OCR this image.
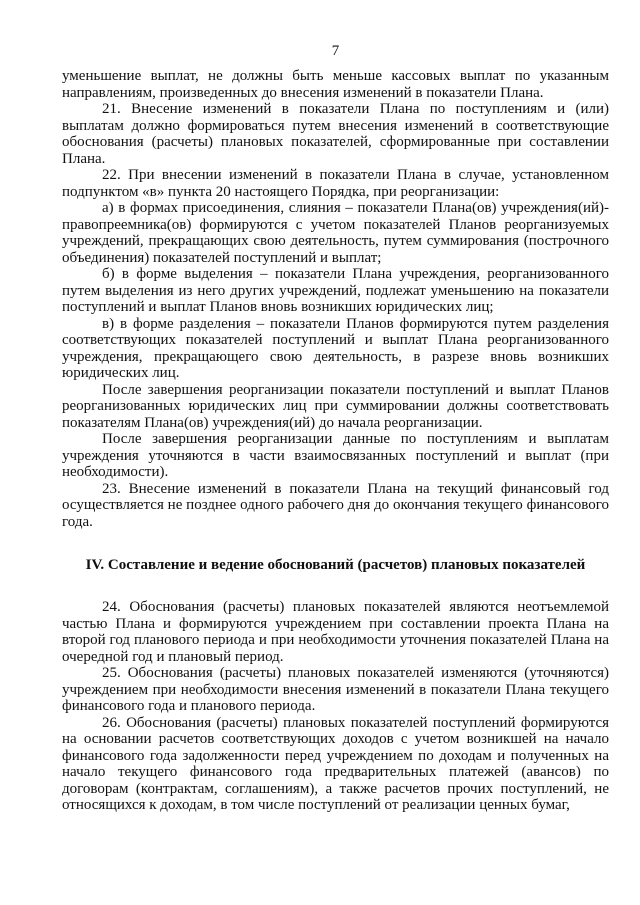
7

уменьшение выплат, не должны быть меньше кассовых выплат по указанным направлениям, произведенных до внесения изменений в показатели Плана.

21. Внесение изменений в показатели Плана по поступлениям и (или) выплатам должно формироваться путем внесения изменений в соответствующие обоснования (расчеты) плановых показателей, сформированные при составлении Плана.

22. При внесении изменений в показатели Плана в случае, установленном подпунктом «в» пункта 20 настоящего Порядка, при реорганизации:

а) в формах присоединения, слияния – показатели Плана(ов) учреждения(ий)-правопреемника(ов) формируются с учетом показателей Планов реорганизуемых учреждений, прекращающих свою деятельность, путем суммирования (построчного объединения) показателей поступлений и выплат;

б) в форме выделения – показатели Плана учреждения, реорганизованного путем выделения из него других учреждений, подлежат уменьшению на показатели поступлений и выплат Планов вновь возникших юридических лиц;

в) в форме разделения – показатели Планов формируются путем разделения соответствующих показателей поступлений и выплат Плана реорганизованного учреждения, прекращающего свою деятельность, в разрезе вновь возникших юридических лиц.

После завершения реорганизации показатели поступлений и выплат Планов реорганизованных юридических лиц при суммировании должны соответствовать показателям Плана(ов) учреждения(ий) до начала реорганизации.

После завершения реорганизации данные по поступлениям и выплатам учреждения уточняются в части взаимосвязанных поступлений и выплат (при необходимости).

23. Внесение изменений в показатели Плана на текущий финансовый год осуществляется не позднее одного рабочего дня до окончания текущего финансового года.

IV. Составление и ведение обоснований (расчетов) плановых показателей

24. Обоснования (расчеты) плановых показателей являются неотъемлемой частью Плана и формируются учреждением при составлении проекта Плана на второй год планового периода и при необходимости уточнения показателей Плана на очередной год и плановый период.

25. Обоснования (расчеты) плановых показателей изменяются (уточняются) учреждением при необходимости внесения изменений в показатели Плана текущего финансового года и планового периода.

26. Обоснования (расчеты) плановых показателей поступлений формируются на основании расчетов соответствующих доходов с учетом возникшей на начало финансового года задолженности перед учреждением по доходам и полученных на начало текущего финансового года предварительных платежей (авансов) по договорам (контрактам, соглашениям), а также расчетов прочих поступлений, не относящихся к доходам, в том числе поступлений от реализации ценных бумаг,
